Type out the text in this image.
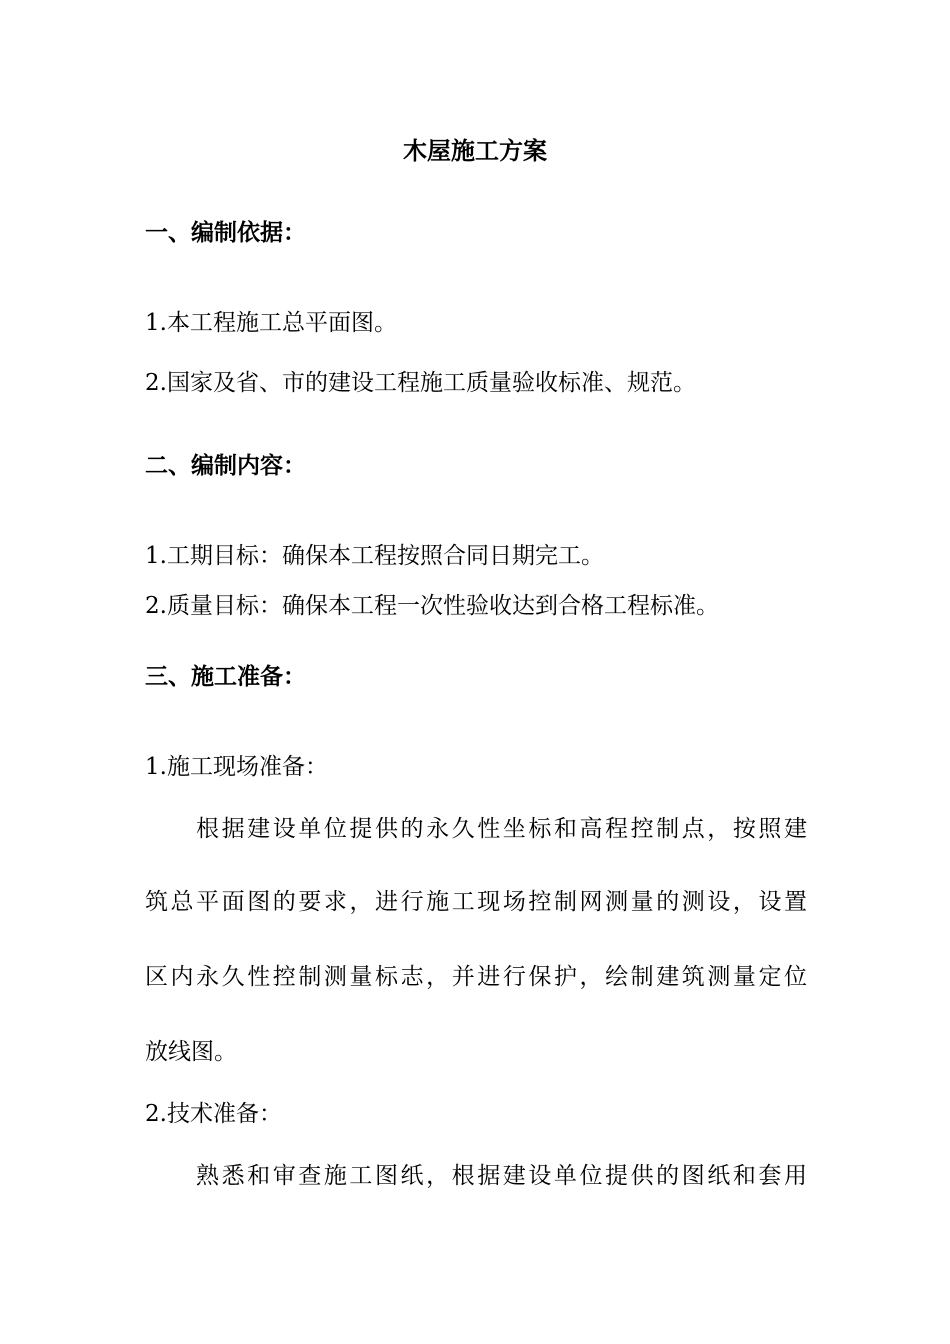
木屋施工方案
一、编制依据：
1.本工程施工总平面图。
2.国家及省、市的建设工程施工质量验收标准、规范。
二、编制内容：
1.工期目标：确保本工程按照合同日期完工。
2.质量目标：确保本工程一次性验收达到合格工程标准。
三、施工准备：
1.施工现场准备：
根据建设单位提供的永久性坐标和高程控制点，按照建
筑总平面图的要求，进行施工现场控制网测量的测设，设置
区内永久性控制测量标志，并进行保护，绘制建筑测量定位
放线图。
2.技术准备：
熟悉和审查施工图纸，根据建设单位提供的图纸和套用
